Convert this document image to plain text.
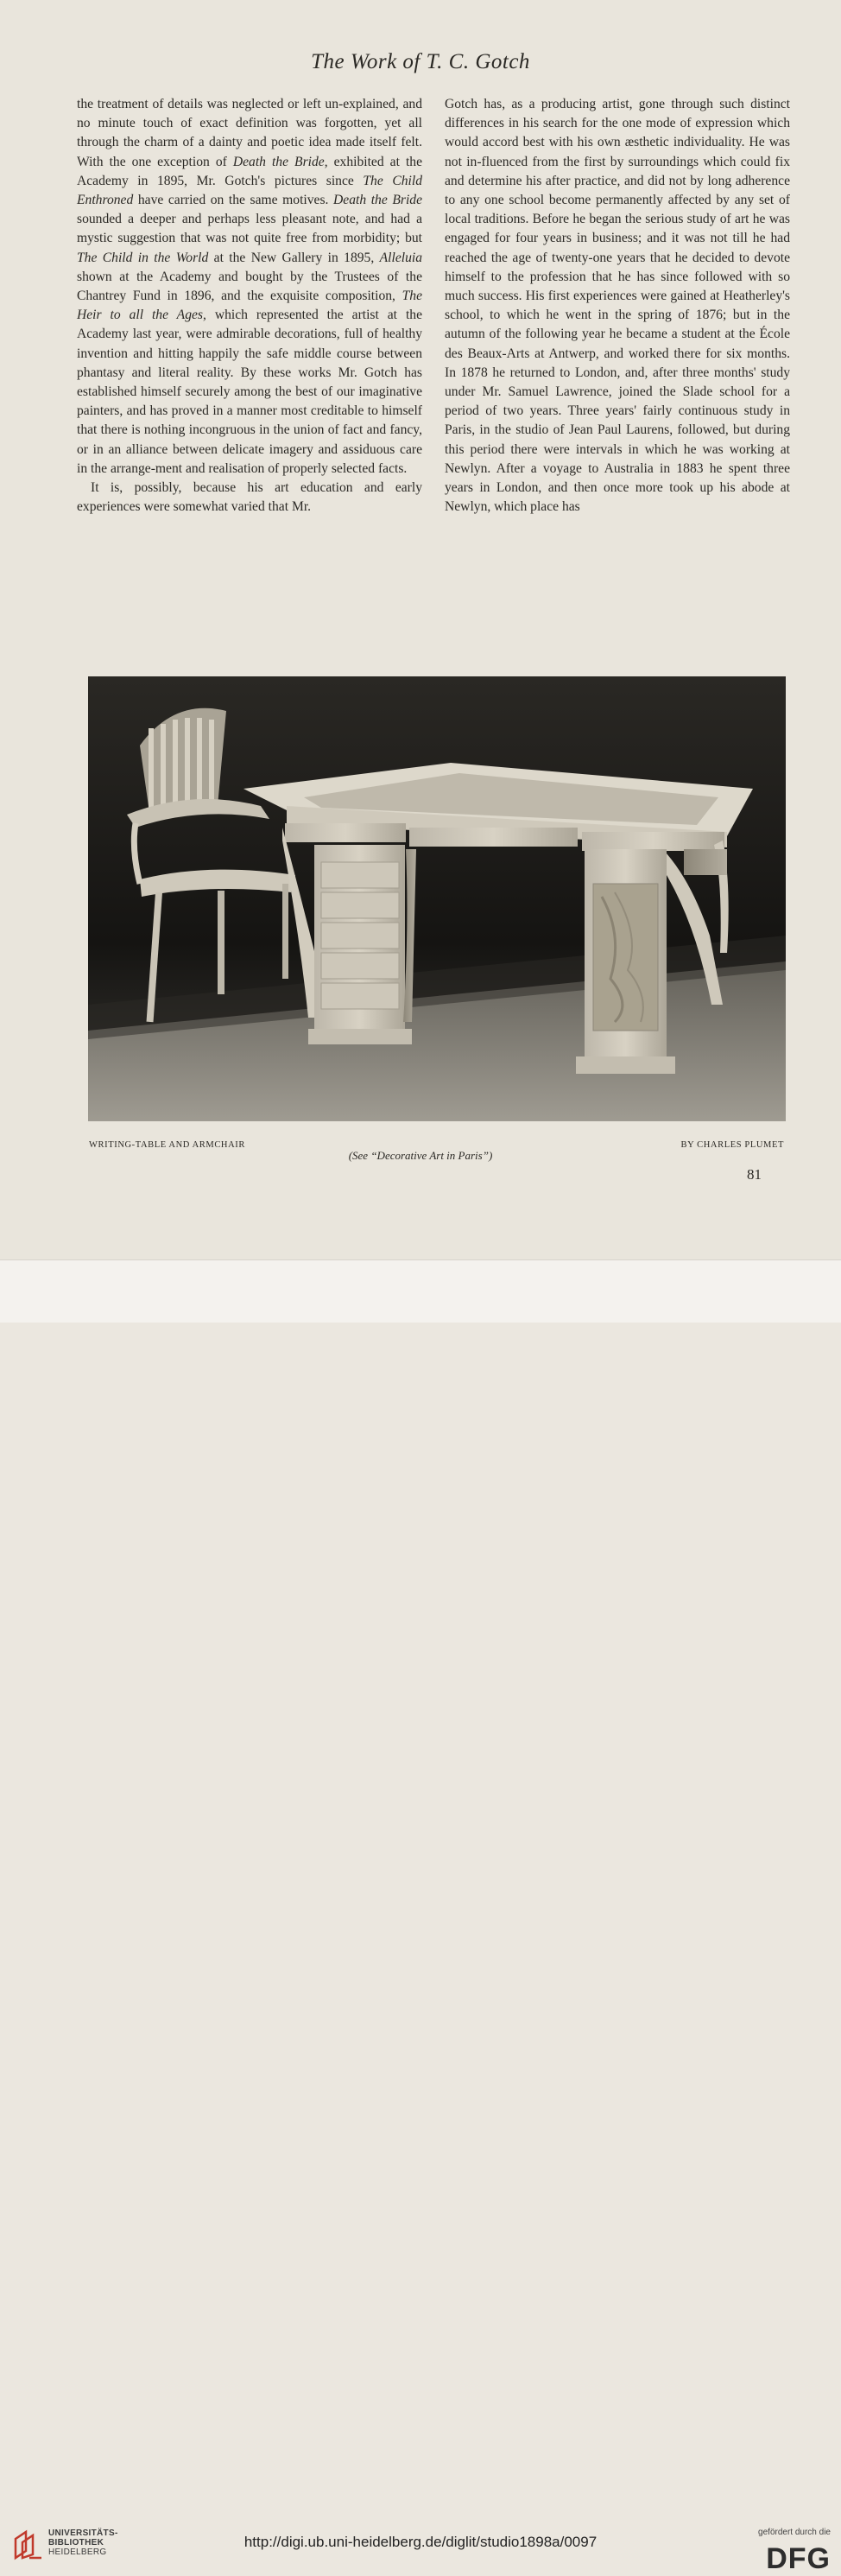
The Work of T. C. Gotch

the treatment of details was neglected or left un-explained, and no minute touch of exact definition was forgotten, yet all through the charm of a dainty and poetic idea made itself felt. With the one exception of Death the Bride, exhibited at the Academy in 1895, Mr. Gotch's pictures since The Child Enthroned have carried on the same motives. Death the Bride sounded a deeper and perhaps less pleasant note, and had a mystic suggestion that was not quite free from morbidity; but The Child in the World at the New Gallery in 1895, Alleluia shown at the Academy and bought by the Trustees of the Chantrey Fund in 1896, and the exquisite composition, The Heir to all the Ages, which represented the artist at the Academy last year, were admirable decorations, full of healthy invention and hitting happily the safe middle course between phantasy and literal reality. By these works Mr. Gotch has established himself securely among the best of our imaginative painters, and has proved in a manner most creditable to himself that there is nothing incongruous in the union of fact and fancy, or in an alliance between delicate imagery and assiduous care in the arrange-ment and realisation of properly selected facts.

It is, possibly, because his art education and early experiences were somewhat varied that Mr.

Gotch has, as a producing artist, gone through such distinct differences in his search for the one mode of expression which would accord best with his own æsthetic individuality. He was not in-fluenced from the first by surroundings which could fix and determine his after practice, and did not by long adherence to any one school become permanently affected by any set of local traditions. Before he began the serious study of art he was engaged for four years in business; and it was not till he had reached the age of twenty-one years that he decided to devote himself to the profession that he has since followed with so much success. His first experiences were gained at Heatherley's school, to which he went in the spring of 1876; but in the autumn of the following year he became a student at the École des Beaux-Arts at Antwerp, and worked there for six months. In 1878 he returned to London, and, after three months' study under Mr. Samuel Lawrence, joined the Slade school for a period of two years. Three years' fairly continuous study in Paris, in the studio of Jean Paul Laurens, followed, but during this period there were intervals in which he was working at Newlyn. After a voyage to Australia in 1883 he spent three years in London, and then once more took up his abode at Newlyn, which place has

WRITING-TABLE AND ARMCHAIR	BY CHARLES PLUMET
(See “Decorative Art in Paris”)
81
UNIVERSITÄTS-
BIBLIOTHEK
HEIDELBERG
http://digi.ub.uni-heidelberg.de/diglit/studio1898a/0097
gefördert durch die
DFG
